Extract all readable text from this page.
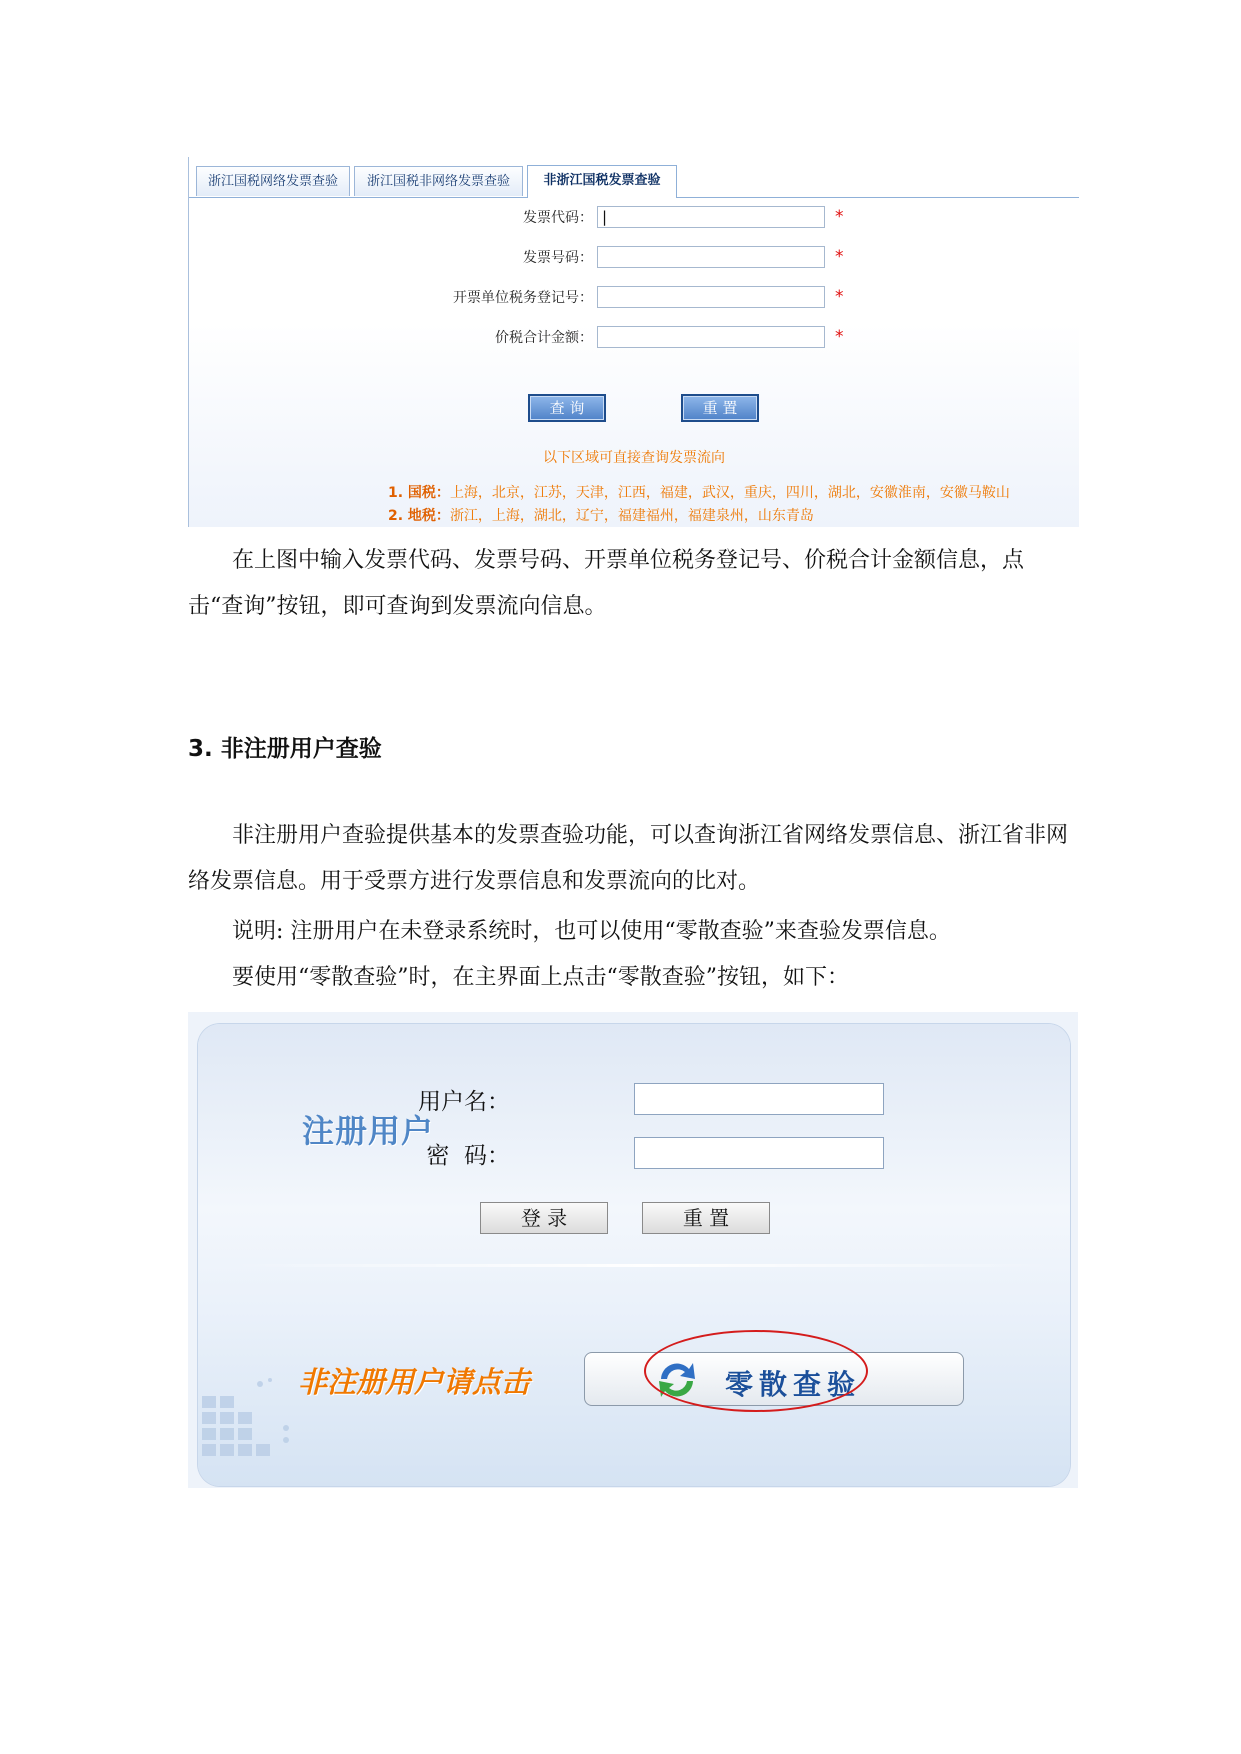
浙江国税网络发票查验	浙江国税非网络发票查验	非浙江国税发票查验
发票代码： |	*
发票号码：	*
开票单位税务登记号：	*
价税合计金额：	*
查 询	重 置
以下区域可直接查询发票流向
1. 国税：上海，北京，江苏，天津，江西，福建，武汉，重庆，四川，湖北，安徽淮南，安徽马鞍山
2. 地税：浙江，上海，湖北，辽宁，福建福州，福建泉州，山东青岛

在上图中输入发票代码、发票号码、开票单位税务登记号、价税合计金额信息，点击“查询”按钮，即可查询到发票流向信息。

3. 非注册用户查验

非注册用户查验提供基本的发票查验功能，可以查询浙江省网络发票信息、浙江省非网络发票信息。用于受票方进行发票信息和发票流向的比对。

说明: 注册用户在未登录系统时，也可以使用“零散查验”来查验发票信息。

要使用“零散查验”时，在主界面上点击“零散查验”按钮，如下：

注册用户
用户名：
密  码：
登 录	重 置
非注册用户请点击	零散查验
